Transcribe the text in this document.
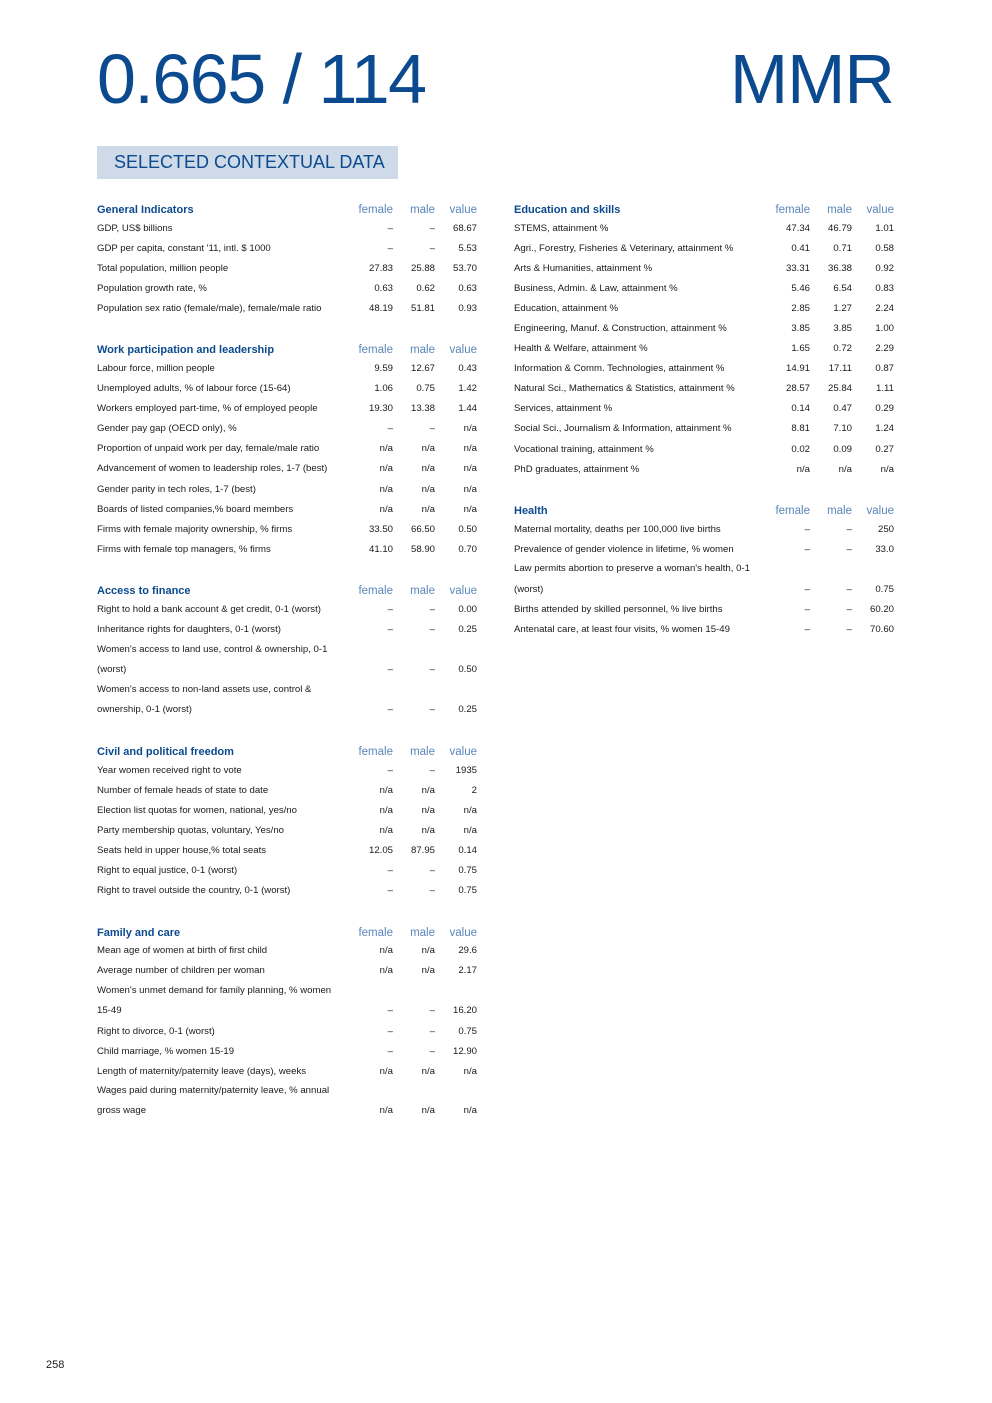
0.665 / 114	MMR
SELECTED CONTEXTUAL DATA
General Indicators	female	male	value
GDP, US$ billions	–	–	68.67
GDP per capita, constant '11, intl. $ 1000	–	–	5.53
Total population, million people	27.83	25.88	53.70
Population growth rate, %	0.63	0.62	0.63
Population sex ratio (female/male), female/male ratio	48.19	51.81	0.93
Work participation and leadership	female	male	value
Labour force, million people	9.59	12.67	0.43
Unemployed adults, % of labour force (15-64)	1.06	0.75	1.42
Workers employed part-time, % of employed people	19.30	13.38	1.44
Gender pay gap (OECD only), %	–	–	n/a
Proportion of unpaid work per day, female/male ratio	n/a	n/a	n/a
Advancement of women to leadership roles, 1-7 (best)	n/a	n/a	n/a
Gender parity in tech roles, 1-7 (best)	n/a	n/a	n/a
Boards of listed companies,% board members	n/a	n/a	n/a
Firms with female majority ownership, % firms	33.50	66.50	0.50
Firms with female top managers, % firms	41.10	58.90	0.70
Access to finance	female	male	value
Right to hold a bank account & get credit, 0-1 (worst)	–	–	0.00
Inheritance rights for daughters, 0-1 (worst)	–	–	0.25
Women's access to land use, control & ownership, 0-1 (worst)	–	–	0.50
Women's access to non-land assets use, control & ownership, 0-1 (worst)	–	–	0.25
Civil and political freedom	female	male	value
Year women received right to vote	–	–	1935
Number of female heads of state to date	n/a	n/a	2
Election list quotas for women, national, yes/no	n/a	n/a	n/a
Party membership quotas, voluntary, Yes/no	n/a	n/a	n/a
Seats held in upper house,% total seats	12.05	87.95	0.14
Right to equal justice, 0-1 (worst)	–	–	0.75
Right to travel outside the country, 0-1 (worst)	–	–	0.75
Family and care	female	male	value
Mean age of women at birth of first child	n/a	n/a	29.6
Average number of children per woman	n/a	n/a	2.17
Women's unmet demand for family planning, % women 15-49	–	–	16.20
Right to divorce, 0-1 (worst)	–	–	0.75
Child marriage, % women 15-19	–	–	12.90
Length of maternity/paternity leave (days), weeks	n/a	n/a	n/a
Wages paid during maternity/paternity leave, % annual gross wage	n/a	n/a	n/a
Education and skills	female	male	value
STEMS, attainment %	47.34	46.79	1.01
Agri., Forestry, Fisheries & Veterinary, attainment %	0.41	0.71	0.58
Arts & Humanities, attainment %	33.31	36.38	0.92
Business, Admin. & Law, attainment %	5.46	6.54	0.83
Education, attainment %	2.85	1.27	2.24
Engineering, Manuf. & Construction, attainment %	3.85	3.85	1.00
Health & Welfare, attainment %	1.65	0.72	2.29
Information & Comm. Technologies, attainment %	14.91	17.11	0.87
Natural Sci., Mathematics & Statistics, attainment %	28.57	25.84	1.11
Services, attainment %	0.14	0.47	0.29
Social Sci., Journalism & Information, attainment %	8.81	7.10	1.24
Vocational training, attainment %	0.02	0.09	0.27
PhD graduates, attainment %	n/a	n/a	n/a
Health	female	male	value
Maternal mortality, deaths per 100,000 live births	–	–	250
Prevalence of gender violence in lifetime, % women	–	–	33.0
Law permits abortion to preserve a woman's health, 0-1 (worst)	–	–	0.75
Births attended by skilled personnel, % live births	–	–	60.20
Antenatal care, at least four visits, % women 15-49	–	–	70.60
258
